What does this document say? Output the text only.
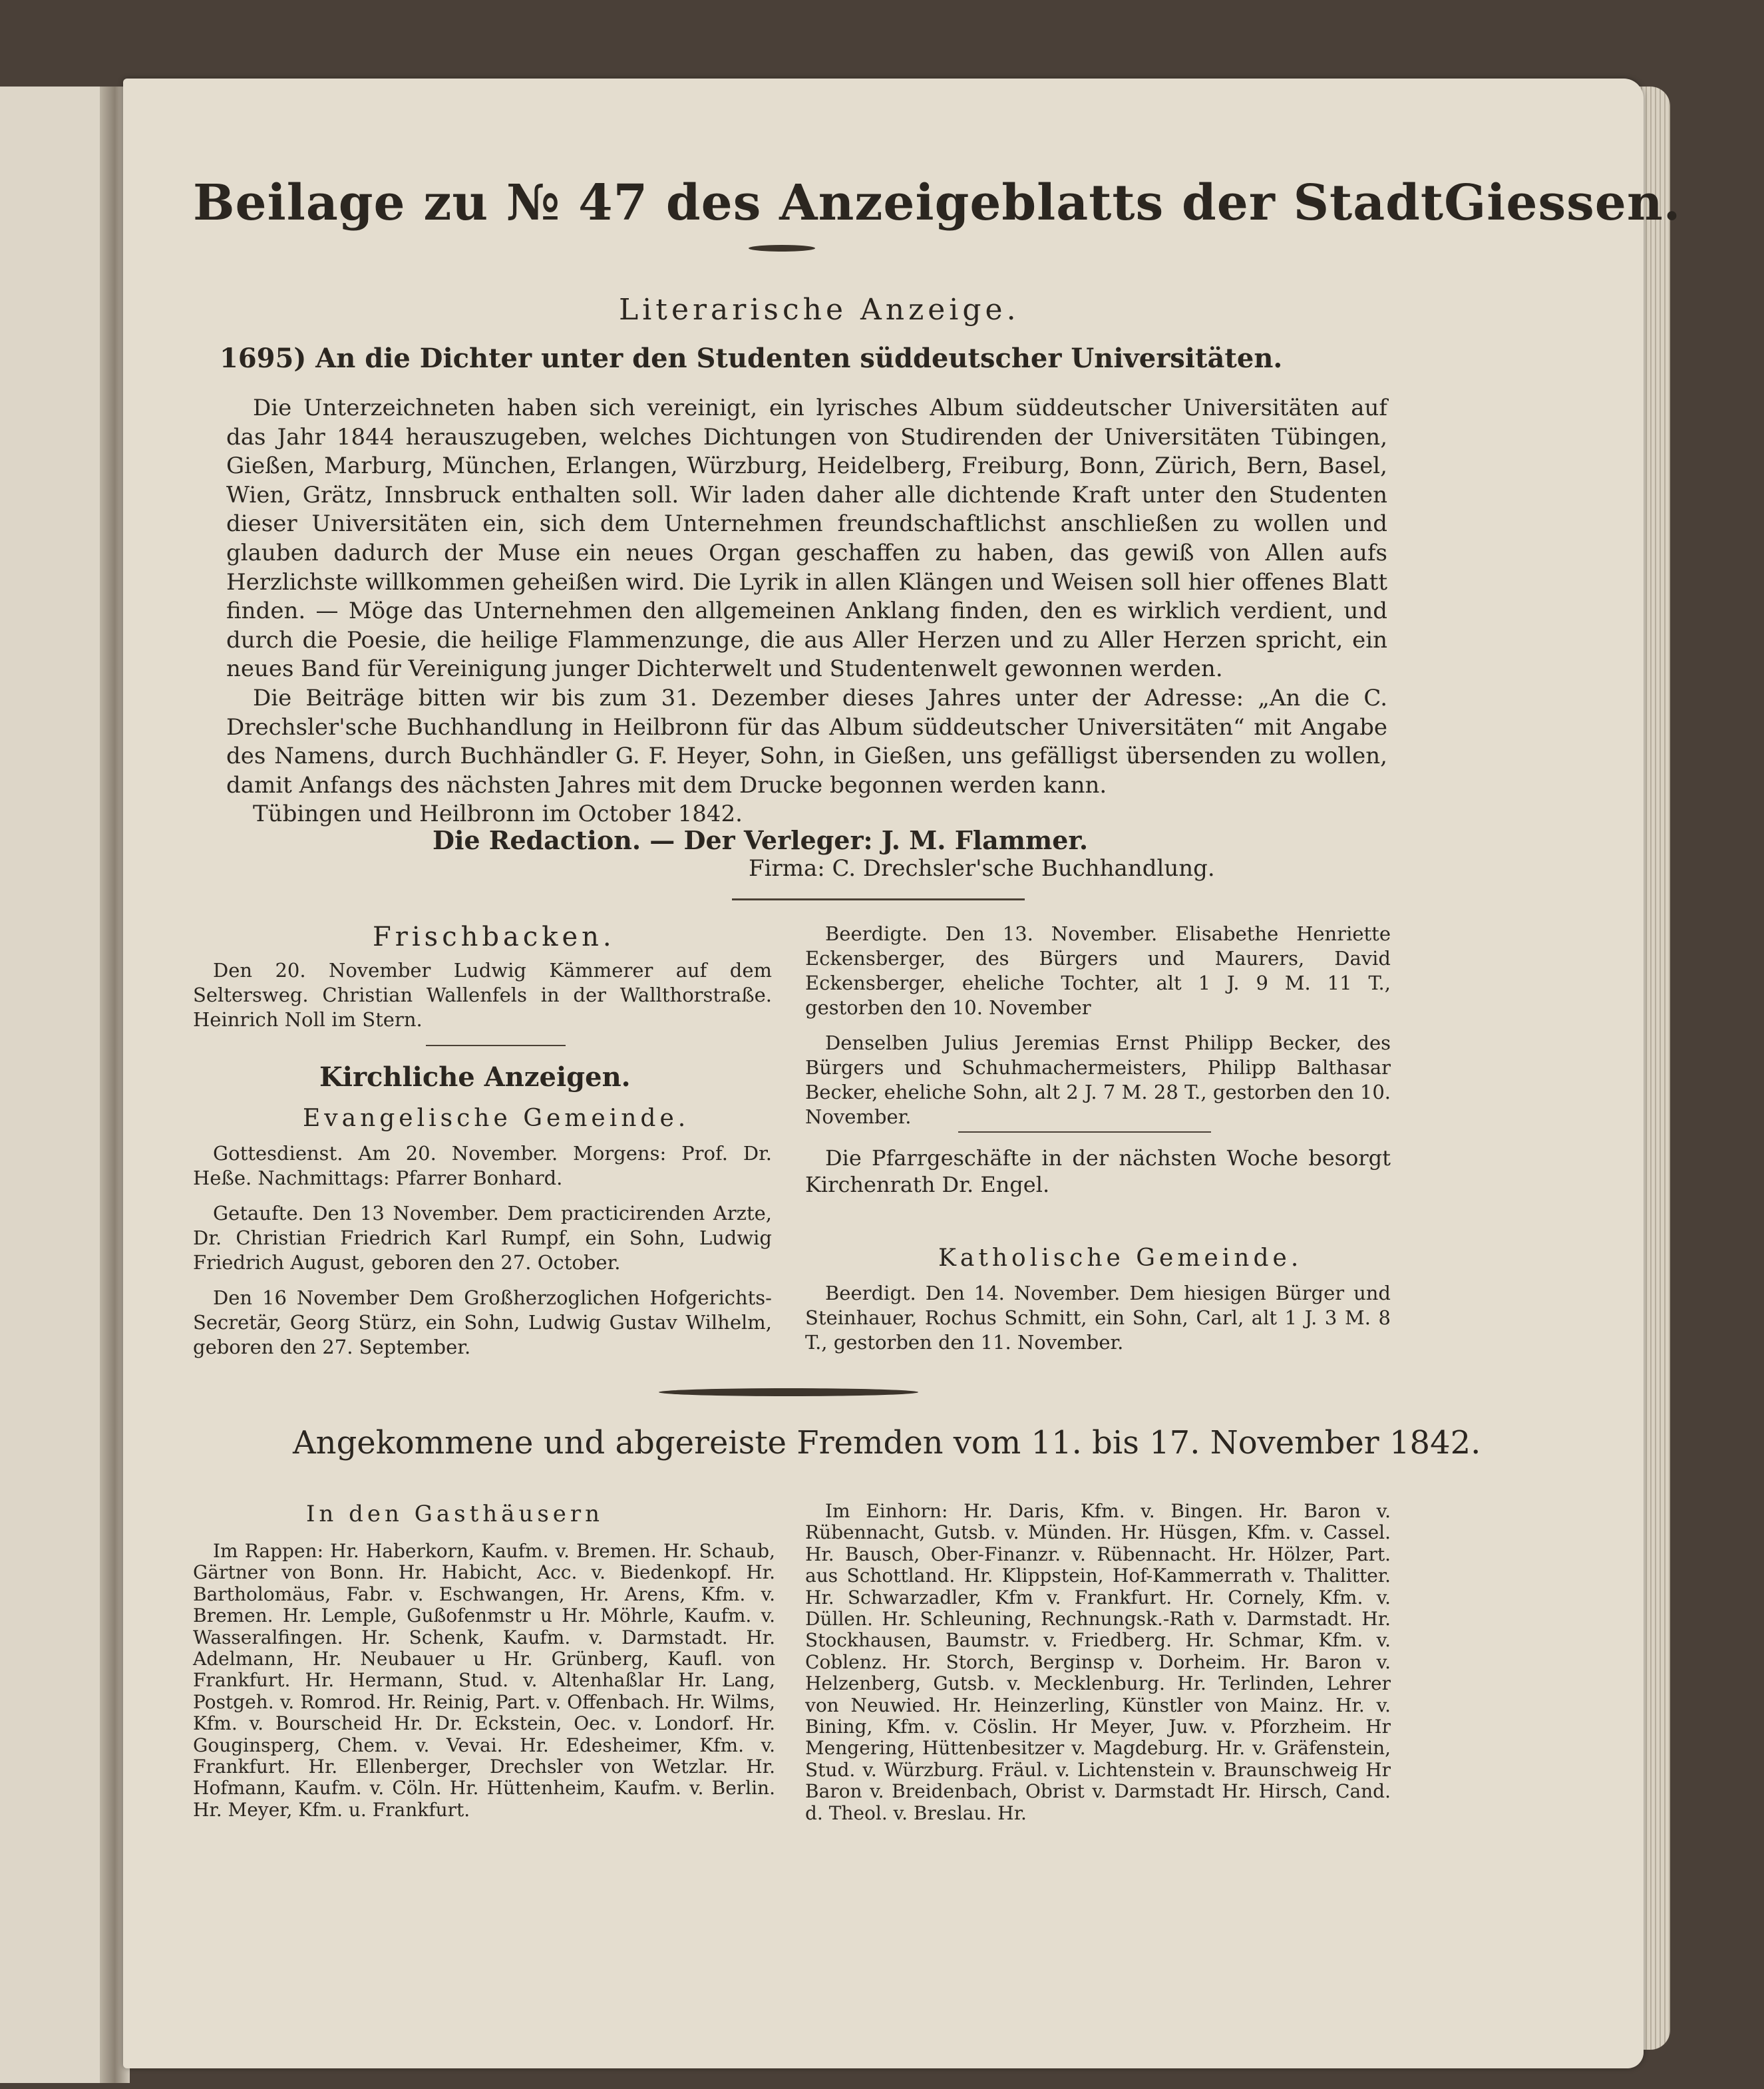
Beilage zu № 47 des Anzeigeblatts der StadtGiessen.
Literarische Anzeige.
1695) An die Dichter unter den Studenten süddeutscher Universitäten.

Die Unterzeichneten haben sich vereinigt, ein lyrisches Album süddeutscher Universitäten auf das Jahr 1844 herauszugeben, welches Dichtungen von Studirenden der Universitäten Tübingen, Gießen, Marburg, München, Erlangen, Würzburg, Heidelberg, Freiburg, Bonn, Zürich, Bern, Basel, Wien, Grätz, Innsbruck enthalten soll. Wir laden daher alle dichtende Kraft unter den Studenten dieser Universitäten ein, sich dem Unternehmen freundschaftlichst anschließen zu wollen und glauben dadurch der Muse ein neues Organ geschaffen zu haben, das gewiß von Allen aufs Herzlichste willkommen geheißen wird. Die Lyrik in allen Klängen und Weisen soll hier offenes Blatt finden. — Möge das Unternehmen den allgemeinen Anklang finden, den es wirklich verdient, und durch die Poesie, die heilige Flammenzunge, die aus Aller Herzen und zu Aller Herzen spricht, ein neues Band für Vereinigung junger Dichterwelt und Studentenwelt gewonnen werden.

Die Beiträge bitten wir bis zum 31. Dezember dieses Jahres unter der Adresse: „An die C. Drechsler'sche Buchhandlung in Heilbronn für das Album süddeutscher Universitäten“ mit Angabe des Namens, durch Buchhändler G. F. Heyer, Sohn, in Gießen, uns gefälligst übersenden zu wollen, damit Anfangs des nächsten Jahres mit dem Drucke begonnen werden kann.

Tübingen und Heilbronn im October 1842.

Die Redaction. — Der Verleger: J. M. Flammer.
Firma: C. Drechsler'sche Buchhandlung.
Frischbacken.

Den 20. November Ludwig Kämmerer auf dem Seltersweg. Christian Wallenfels in der Wallthorstraße. Heinrich Noll im Stern.

Kirchliche Anzeigen.
Evangelische Gemeinde.

Gottesdienst. Am 20. November. Morgens: Prof. Dr. Heße. Nachmittags: Pfarrer Bonhard.

Getaufte. Den 13 November. Dem practicirenden Arzte, Dr. Christian Friedrich Karl Rumpf, ein Sohn, Ludwig Friedrich August, geboren den 27. October.

Den 16 November Dem Großherzoglichen Hofgerichts-Secretär, Georg Stürz, ein Sohn, Ludwig Gustav Wilhelm, geboren den 27. September.

Beerdigte. Den 13. November. Elisabethe Henriette Eckensberger, des Bürgers und Maurers, David Eckensberger, eheliche Tochter, alt 1 J. 9 M. 11 T., gestorben den 10. November

Denselben Julius Jeremias Ernst Philipp Becker, des Bürgers und Schuhmachermeisters, Philipp Balthasar Becker, eheliche Sohn, alt 2 J. 7 M. 28 T., gestorben den 10. November.

Die Pfarrgeschäfte in der nächsten Woche besorgt Kirchenrath Dr. Engel.

Katholische Gemeinde.

Beerdigt. Den 14. November. Dem hiesigen Bürger und Steinhauer, Rochus Schmitt, ein Sohn, Carl, alt 1 J. 3 M. 8 T., gestorben den 11. November.

Angekommene und abgereiste Fremden vom 11. bis 17. November 1842.
In den Gasthäusern

Im Rappen: Hr. Haberkorn, Kaufm. v. Bremen. Hr. Schaub, Gärtner von Bonn. Hr. Habicht, Acc. v. Biedenkopf. Hr. Bartholomäus, Fabr. v. Eschwangen, Hr. Arens, Kfm. v. Bremen. Hr. Lemple, Gußofenmstr u Hr. Möhrle, Kaufm. v. Wasseralfingen. Hr. Schenk, Kaufm. v. Darmstadt. Hr. Adelmann, Hr. Neubauer u Hr. Grünberg, Kaufl. von Frankfurt. Hr. Hermann, Stud. v. Altenhaßlar Hr. Lang, Postgeh. v. Romrod. Hr. Reinig, Part. v. Offenbach. Hr. Wilms, Kfm. v. Bourscheid Hr. Dr. Eckstein, Oec. v. Londorf. Hr. Gouginsperg, Chem. v. Vevai. Hr. Edesheimer, Kfm. v. Frankfurt. Hr. Ellenberger, Drechsler von Wetzlar. Hr. Hofmann, Kaufm. v. Cöln. Hr. Hüttenheim, Kaufm. v. Berlin. Hr. Meyer, Kfm. u. Frankfurt.

Im Einhorn: Hr. Daris, Kfm. v. Bingen. Hr. Baron v. Rübennacht, Gutsb. v. Münden. Hr. Hüsgen, Kfm. v. Cassel. Hr. Bausch, Ober-Finanzr. v. Rübennacht. Hr. Hölzer, Part. aus Schottland. Hr. Klippstein, Hof-Kammerrath v. Thalitter. Hr. Schwarzadler, Kfm v. Frankfurt. Hr. Cornely, Kfm. v. Düllen. Hr. Schleuning, Rechnungsk.-Rath v. Darmstadt. Hr. Stockhausen, Baumstr. v. Friedberg. Hr. Schmar, Kfm. v. Coblenz. Hr. Storch, Berginsp v. Dorheim. Hr. Baron v. Helzenberg, Gutsb. v. Mecklenburg. Hr. Terlinden, Lehrer von Neuwied. Hr. Heinzerling, Künstler von Mainz. Hr. v. Bining, Kfm. v. Cöslin. Hr Meyer, Juw. v. Pforzheim. Hr Mengering, Hüttenbesitzer v. Magdeburg. Hr. v. Gräfenstein, Stud. v. Würzburg. Fräul. v. Lichtenstein v. Braunschweig Hr Baron v. Breidenbach, Obrist v. Darmstadt Hr. Hirsch, Cand. d. Theol. v. Breslau. Hr.
